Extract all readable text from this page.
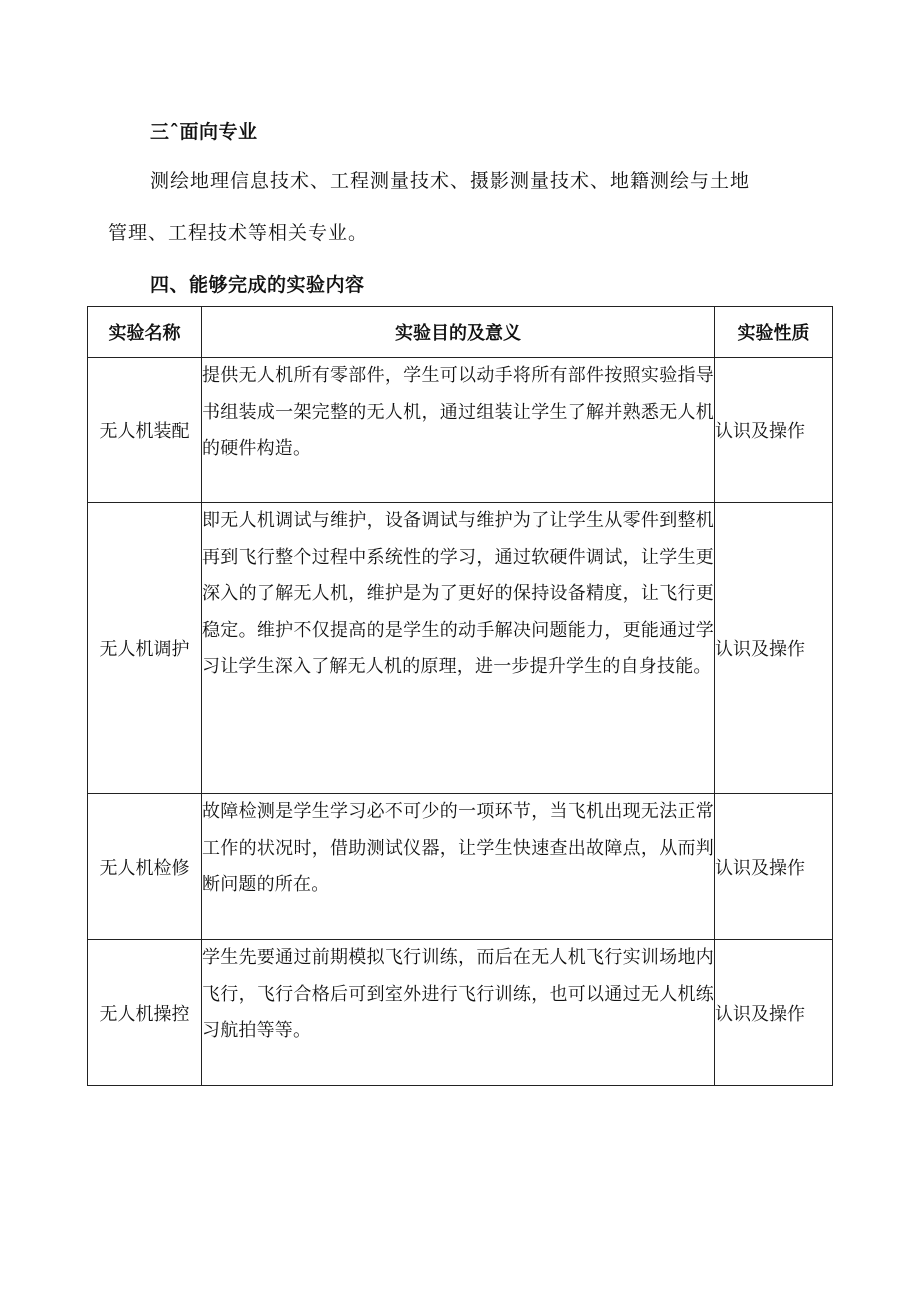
三ˆ面向专业
测绘地理信息技术、工程测量技术、摄影测量技术、地籍测绘与土地
管理、工程技术等相关专业。
四、能够完成的实验内容
实验名称	实验目的及意义	实验性质
无人机装配	提供无人机所有零部件，学生可以动手将所有部件按照实验指导书组装成一架完整的无人机，通过组装让学生了解并熟悉无人机的硬件构造。	认识及操作
无人机调护	即无人机调试与维护，设备调试与维护为了让学生从零件到整机再到飞行整个过程中系统性的学习，通过软硬件调试，让学生更深入的了解无人机，维护是为了更好的保持设备精度，让飞行更稳定。维护不仅提高的是学生的动手解决问题能力，更能通过学习让学生深入了解无人机的原理，进一步提升学生的自身技能。	认识及操作
无人机检修	故障检测是学生学习必不可少的一项环节，当飞机出现无法正常工作的状况时，借助测试仪器，让学生快速查出故障点，从而判断问题的所在。	认识及操作
无人机操控	学生先要通过前期模拟飞行训练，而后在无人机飞行实训场地内飞行，飞行合格后可到室外进行飞行训练，也可以通过无人机练习航拍等等。	认识及操作
